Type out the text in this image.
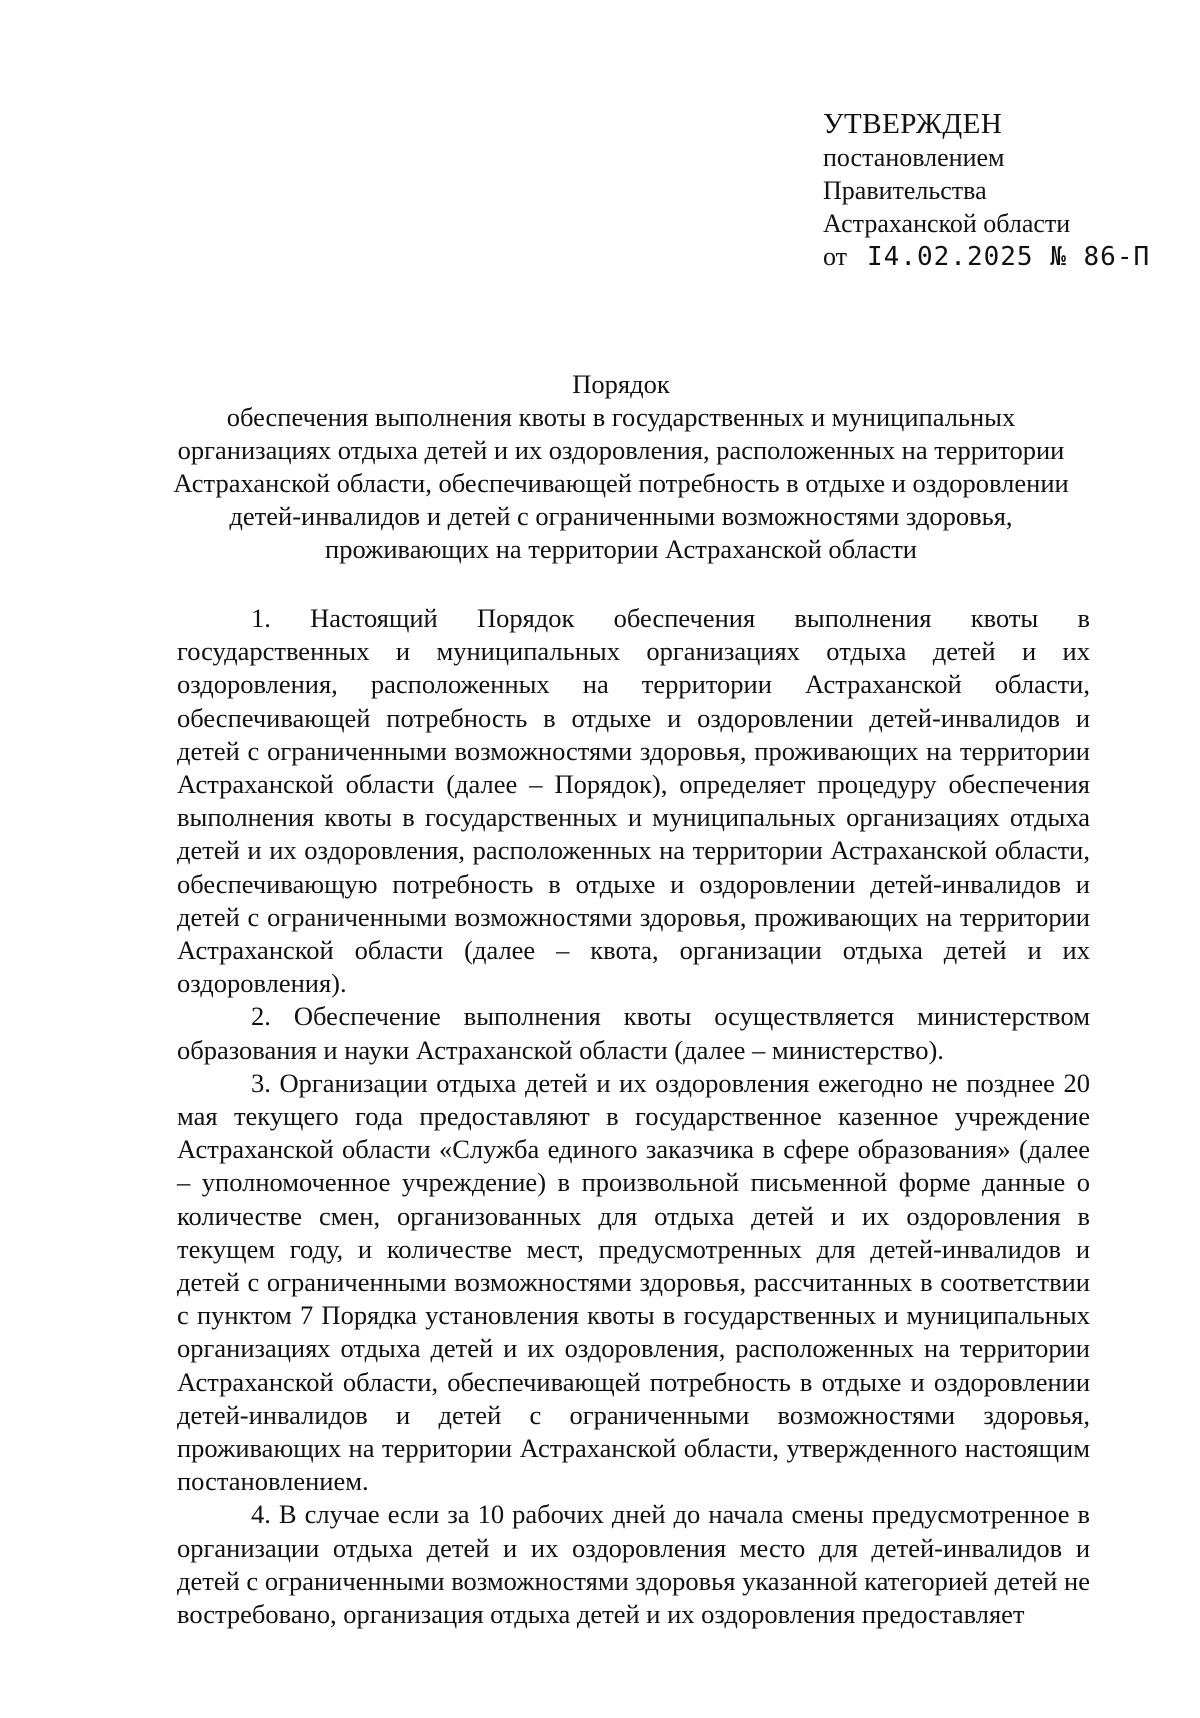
УТВЕРЖДЕН
постановлением
Правительства
Астраханской области
от I4.02.2025 № 86-П
Порядок
обеспечения выполнения квоты в государственных и муниципальных организациях отдыха детей и их оздоровления, расположенных на территории Астраханской области, обеспечивающей потребность в отдыхе и оздоровлении детей-инвалидов и детей с ограниченными возможностями здоровья, проживающих на территории Астраханской области

1. Настоящий Порядок обеспечения выполнения квоты в государственных и муниципальных организациях отдыха детей и их оздоровления, расположенных на территории Астраханской области, обеспечивающей потребность в отдыхе и оздоровлении детей-инвалидов и детей с ограниченными возможностями здоровья, проживающих на территории Астраханской области (далее – Порядок), определяет процедуру обеспечения выполнения квоты в государственных и муниципальных организациях отдыха детей и их оздоровления, расположенных на территории Астраханской области, обеспечивающую потребность в отдыхе и оздоровлении детей-инвалидов и детей с ограниченными возможностями здоровья, проживающих на территории Астраханской области (далее – квота, организации отдыха детей и их оздоровления).

2. Обеспечение выполнения квоты осуществляется министерством образования и науки Астраханской области (далее – министерство).

3. Организации отдыха детей и их оздоровления ежегодно не позднее 20 мая текущего года предоставляют в государственное казенное учреждение Астраханской области «Служба единого заказчика в сфере образования» (далее – уполномоченное учреждение) в произвольной письменной форме данные о количестве смен, организованных для отдыха детей и их оздоровления в текущем году, и количестве мест, предусмотренных для детей-инвалидов и детей с ограниченными возможностями здоровья, рассчитанных в соответствии с пунктом 7 Порядка установления квоты в государственных и муниципальных организациях отдыха детей и их оздоровления, расположенных на территории Астраханской области, обеспечивающей потребность в отдыхе и оздоровлении детей-инвалидов и детей с ограниченными возможностями здоровья, проживающих на территории Астраханской области, утвержденного настоящим постановлением.

4. В случае если за 10 рабочих дней до начала смены предусмотренное в организации отдыха детей и их оздоровления место для детей-инвалидов и детей с ограниченными возможностями здоровья указанной категорией детей не востребовано, организация отдыха детей и их оздоровления предоставляет
